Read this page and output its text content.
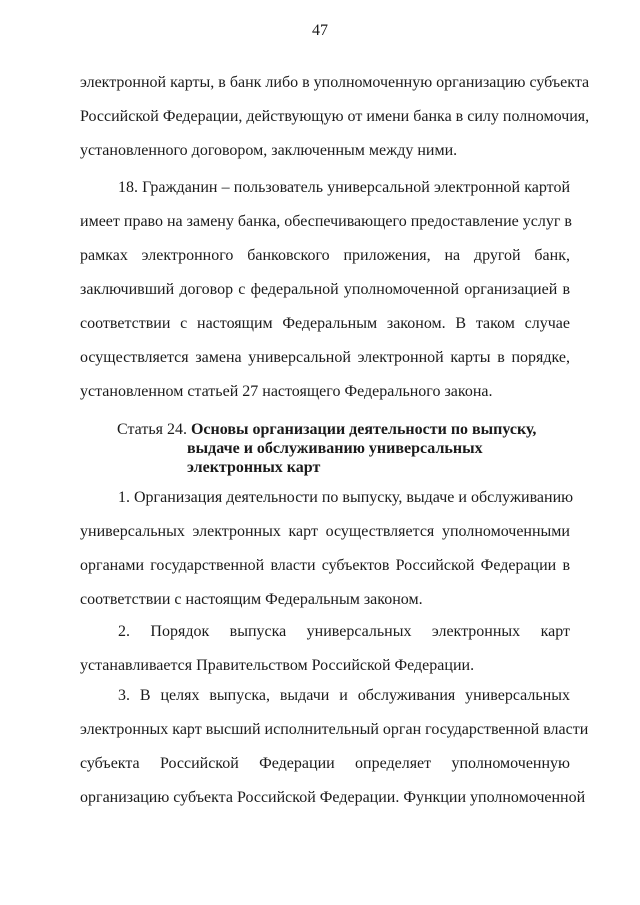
47
электронной карты, в банк либо в уполномоченную организацию субъекта
Российской Федерации, действующую от имени банка в силу полномочия,
установленного договором, заключенным между ними.
18. Гражданин – пользователь универсальной электронной картой
имеет право на замену банка, обеспечивающего предоставление услуг в
рамках электронного банковского приложения, на другой банк,
заключивший договор с федеральной уполномоченной организацией в
соответствии с настоящим Федеральным законом. В таком случае
осуществляется замена универсальной электронной карты в порядке,
установленном статьей 27 настоящего Федерального закона.
Статья 24. Основы организации деятельности по выпуску,
выдаче и обслуживанию универсальных
электронных карт
1. Организация деятельности по выпуску, выдаче и обслуживанию
универсальных электронных карт осуществляется уполномоченными
органами государственной власти субъектов Российской Федерации в
соответствии с настоящим Федеральным законом.
2. Порядок выпуска универсальных электронных карт
устанавливается Правительством Российской Федерации.
3. В целях выпуска, выдачи и обслуживания универсальных
электронных карт высший исполнительный орган государственной власти
субъекта Российской Федерации определяет уполномоченную
организацию субъекта Российской Федерации. Функции уполномоченной
